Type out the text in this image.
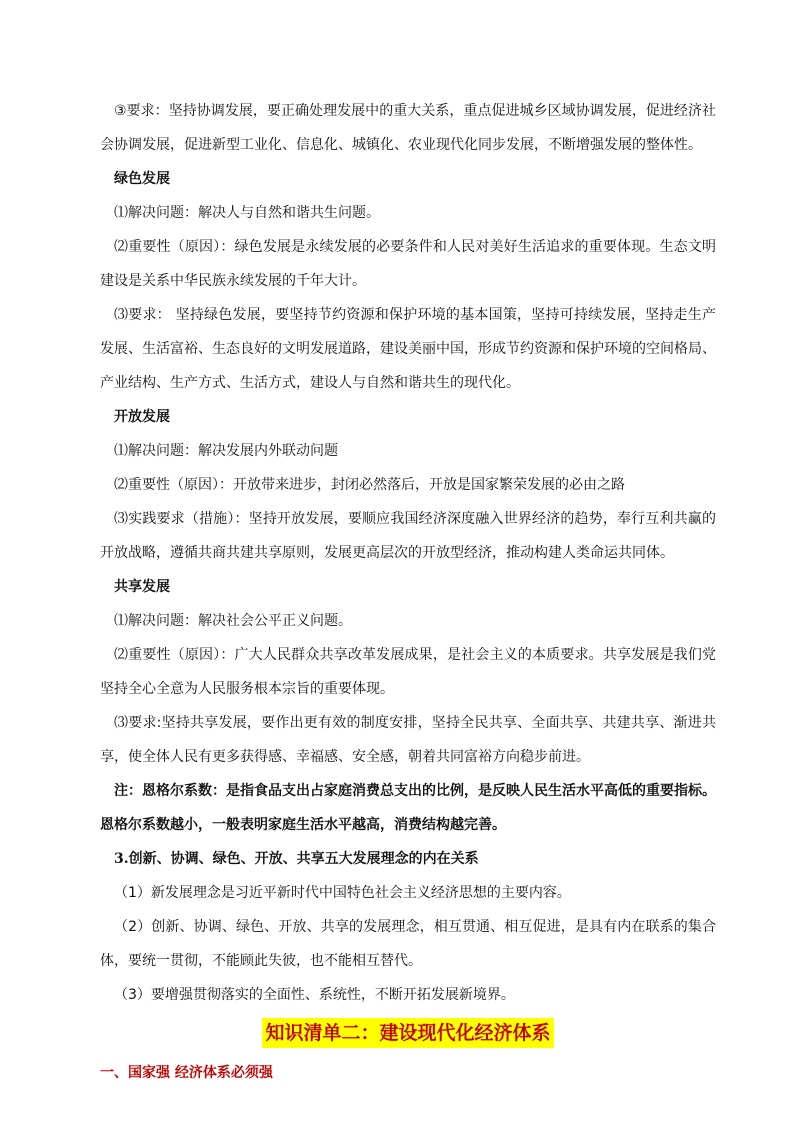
③要求：坚持协调发展，要正确处理发展中的重大关系，重点促进城乡区域协调发展，促进经济社会协调发展，促进新型工业化、信息化、城镇化、农业现代化同步发展，不断增强发展的整体性。

绿色发展

⑴解决问题：解决人与自然和谐共生问题。

⑵重要性（原因）：绿色发展是永续发展的必要条件和人民对美好生活追求的重要体现。生态文明建设是关系中华民族永续发展的千年大计。

⑶要求： 坚持绿色发展，要坚持节约资源和保护环境的基本国策，坚持可持续发展，坚持走生产发展、生活富裕、生态良好的文明发展道路，建设美丽中国，形成节约资源和保护环境的空间格局、产业结构、生产方式、生活方式，建设人与自然和谐共生的现代化。

开放发展

⑴解决问题：解决发展内外联动问题

⑵重要性（原因）：开放带来进步，封闭必然落后，开放是国家繁荣发展的必由之路

⑶实践要求（措施）：坚持开放发展，要顺应我国经济深度融入世界经济的趋势，奉行互利共赢的开放战略，遵循共商共建共享原则，发展更高层次的开放型经济，推动构建人类命运共同体。

共享发展

⑴解决问题：解决社会公平正义问题。

⑵重要性（原因）：广大人民群众共享改革发展成果，是社会主义的本质要求。共享发展是我们党坚持全心全意为人民服务根本宗旨的重要体现。

⑶要求:坚持共享发展，要作出更有效的制度安排，坚持全民共享、全面共享、共建共享、渐进共享，使全体人民有更多获得感、幸福感、安全感，朝着共同富裕方向稳步前进。

注：恩格尔系数：是指食品支出占家庭消费总支出的比例，是反映人民生活水平高低的重要指标。恩格尔系数越小，一般表明家庭生活水平越高，消费结构越完善。

3.创新、协调、绿色、开放、共享五大发展理念的内在关系

（1）新发展理念是习近平新时代中国特色社会主义经济思想的主要内容。

（2）创新、协调、绿色、开放、共享的发展理念，相互贯通、相互促进，是具有内在联系的集合体，要统一贯彻，不能顾此失彼，也不能相互替代。

（3）要增强贯彻落实的全面性、系统性，不断开拓发展新境界。

知识清单二：建设现代化经济体系

一、国家强 经济体系必须强
